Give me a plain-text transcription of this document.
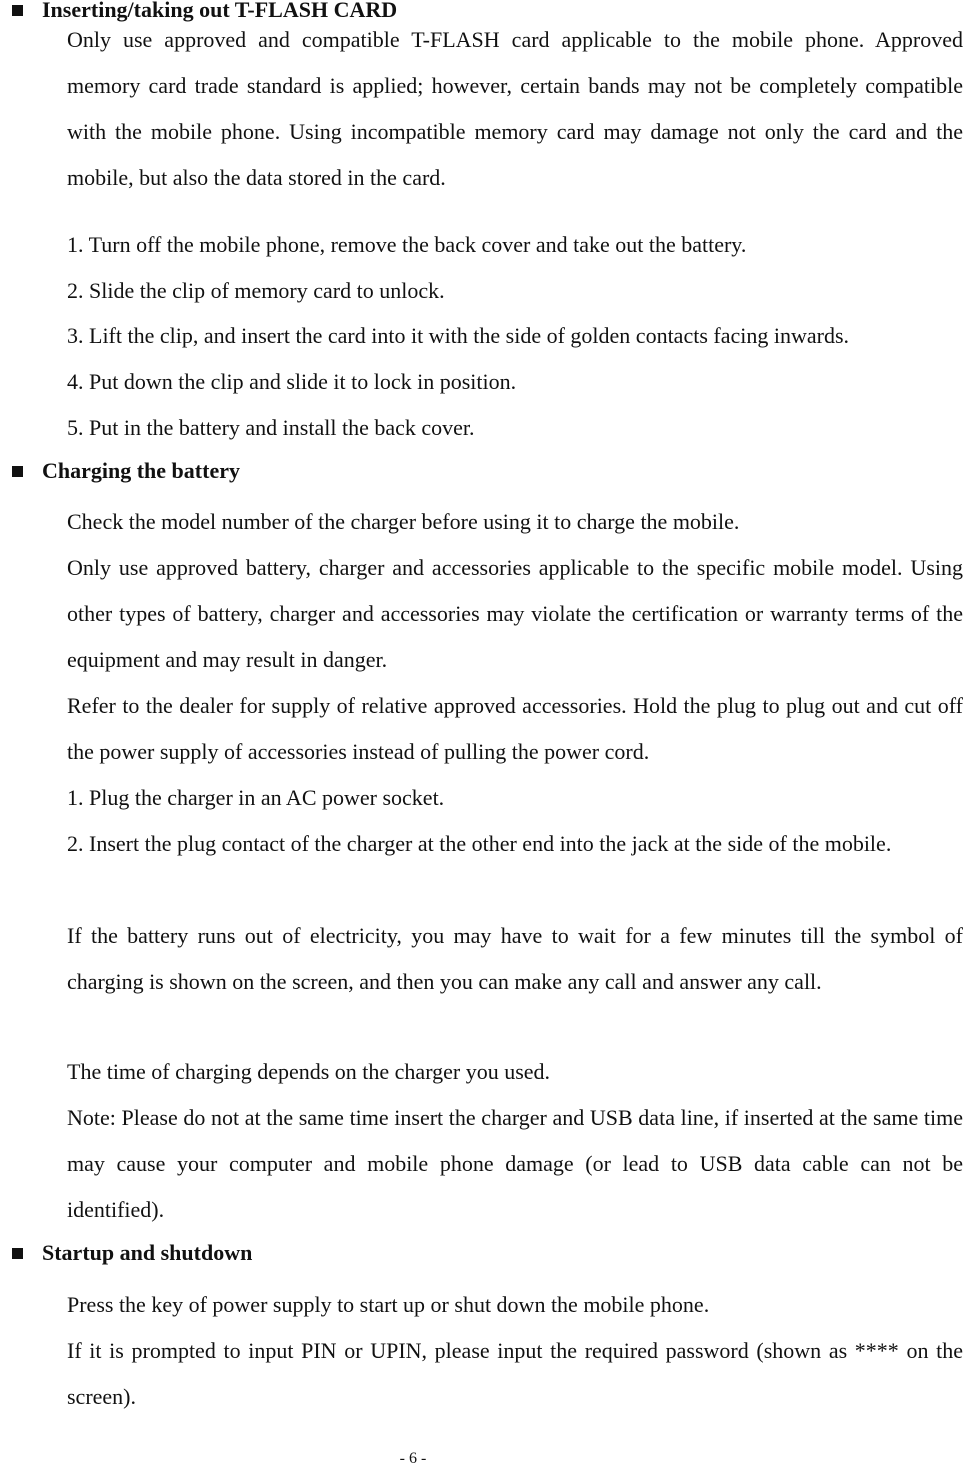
Inserting/taking out T-FLASH CARD

Only use approved and compatible T-FLASH card applicable to the mobile phone. Approved memory card trade standard is applied; however, certain bands may not be completely compatible with the mobile phone. Using incompatible memory card may damage not only the card and the mobile, but also the data stored in the card.

1. Turn off the mobile phone, remove the back cover and take out the battery.

2. Slide the clip of memory card to unlock.

3. Lift the clip, and insert the card into it with the side of golden contacts facing inwards.

4. Put down the clip and slide it to lock in position.

5. Put in the battery and install the back cover.

Charging the battery

Check the model number of the charger before using it to charge the mobile.

Only use approved battery, charger and accessories applicable to the specific mobile model. Using other types of battery, charger and accessories may violate the certification or warranty terms of the equipment and may result in danger.

Refer to the dealer for supply of relative approved accessories. Hold the plug to plug out and cut off the power supply of accessories instead of pulling the power cord.

1. Plug the charger in an AC power socket.

2. Insert the plug contact of the charger at the other end into the jack at the side of the mobile.

If the battery runs out of electricity, you may have to wait for a few minutes till the symbol of charging is shown on the screen, and then you can make any call and answer any call.

The time of charging depends on the charger you used.

Note: Please do not at the same time insert the charger and USB data line, if inserted at the same time may cause your computer and mobile phone damage (or lead to USB data cable can not be identified).

Startup and shutdown

Press the key of power supply to start up or shut down the mobile phone.

If it is prompted to input PIN or UPIN, please input the required password (shown as **** on the screen).

- 6 -
